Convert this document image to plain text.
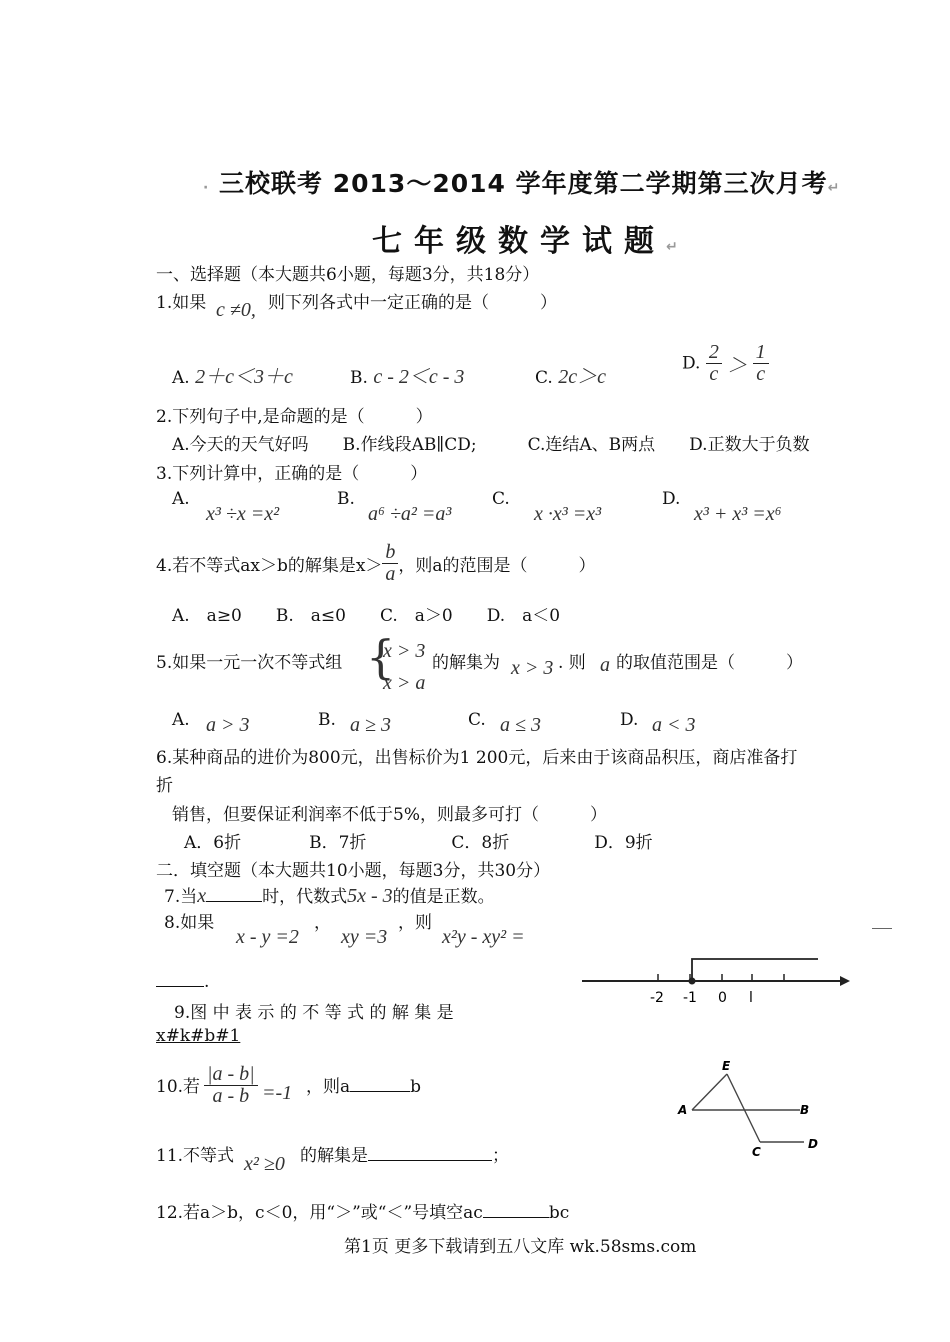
· 三校联考 2013～2014 学年度第二学期第三次月考↵
七年级数学试题↵
一、选择题（本大题共6小题，每题3分，共18分）
1.如果 c ≠0, 则下列各式中一定正确的是（　　　）
A. 2＋c＜3＋c	B. c - 2＜c - 3	C. 2c＞c
D. $\frac{2}{c} > \frac{1}{c}$
2.下列句子中,是命题的是（　　　）
A.今天的天气好吗　　B.作线段AB∥CD;　　　C.连结A、B两点　　D.正数大于负数
3.下列计算中，正确的是（　　　）
A.
x³ ÷x =x²
B.
a⁶ ÷a² =a³
C.
x ·x³ =x³
D.
x³ + x³ =x⁶
4.若不等式ax＞b的解集是$x> \frac{b}{a}$ ，则a的范围是（　　　）
A.　a≥0　　B.　a≤0　　C.　a＞0　　D.　a＜0
5.如果一元一次不等式组 {
x > 3
x > a
的解集为 x > 3 . 则 a 的取值范围是（　　　）
A. a > 3	B. a ≥ 3	C. a ≤ 3	D. a < 3
6.某种商品的进价为800元，出售标价为1 200元，后来由于该商品积压，商店准备打
折
销售，但要保证利润率不低于5%，则最多可打（　　　）
A．6折　　　　B．7折　　　　　C．8折　　　　　D．9折
二．填空题（本大题共10小题，每题3分，共30分）
7.当x	时，代数式5x - 3的值是正数。
8.如果
x - y =2
，
xy =3
，则
x²y - xy² =
.
-2 -1 0 l
9.图 中 表 示 的 不 等 式 的 解 集 是
x#k#b#1
10.若 $\frac{|a - b|}{a - b} =-1$ ，则a	b
E
A	B
C
D
11.不等式 x² ≥0 的解集是	；
12.若a＞b，c＜0，用“＞”或“＜”号填空ac	bc
第1页 更多下载请到五八文库 wk.58sms.com
